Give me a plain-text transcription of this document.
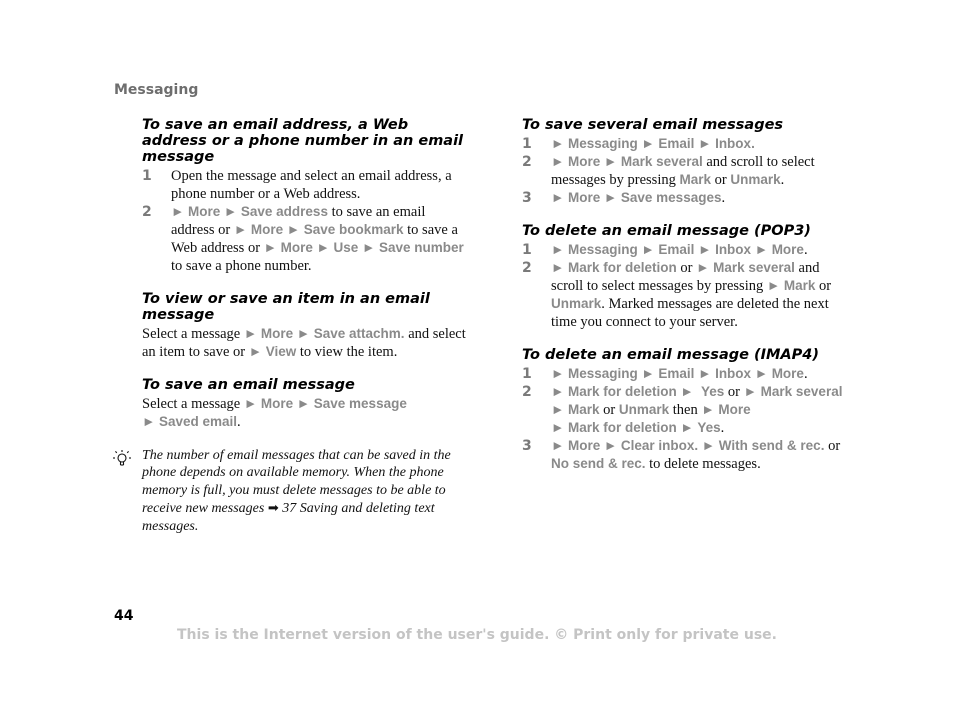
Messaging
To save an email address, a Web address or a phone number in an email message
1 Open the message and select an email address, a phone number or a Web address.
2 ► More ► Save address to save an email address or ► More ► Save bookmark to save a Web address or ► More ► Use ► Save number to save a phone number.
To view or save an item in an email message
Select a message ► More ► Save attachm. and select an item to save or ► View to view the item.
To save an email message
Select a message ► More ► Save message
► Saved email.
The number of email messages that can be saved in the phone depends on available memory. When the phone memory is full, you must delete messages to be able to receive new messages ➡ 37 Saving and deleting text messages.
To save several email messages
1 ► Messaging ► Email ► Inbox.
2 ► More ► Mark several and scroll to select messages by pressing Mark or Unmark.
3 ► More ► Save messages.
To delete an email message (POP3)
1 ► Messaging ► Email ► Inbox ► More.
2 ► Mark for deletion or ► Mark several and scroll to select messages by pressing ► Mark or Unmark. Marked messages are deleted the next time you connect to your server.
To delete an email message (IMAP4)
1 ► Messaging ► Email ► Inbox ► More.
2 ► Mark for deletion ► Yes or ► Mark several
► Mark or Unmark then ► More
► Mark for deletion ► Yes.
3 ► More ► Clear inbox. ► With send & rec. or
No send & rec. to delete messages.
44
This is the Internet version of the user's guide. © Print only for private use.
